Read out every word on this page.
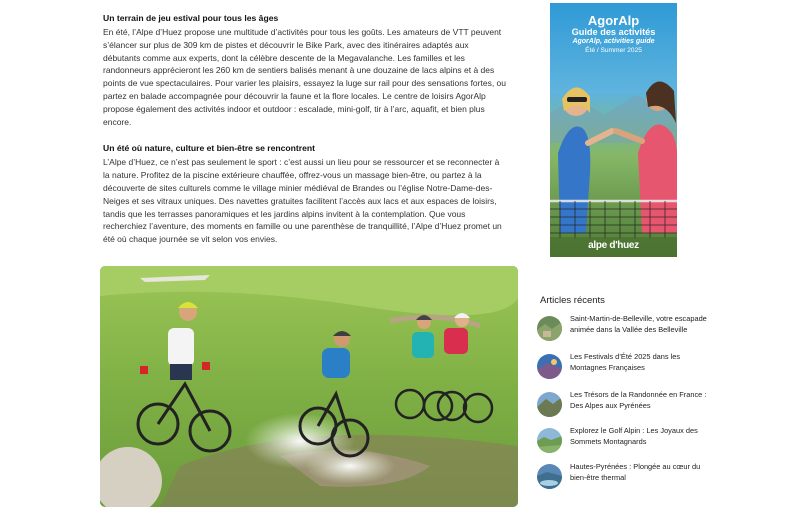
Un terrain de jeu estival pour tous les âges

En été, l’Alpe d’Huez propose une multitude d’activités pour tous les goûts. Les amateurs de VTT peuvent s’élancer sur plus de 309 km de pistes et découvrir le Bike Park, avec des itinéraires adaptés aux débutants comme aux experts, dont la célèbre descente de la Megavalanche. Les familles et les randonneurs apprécieront les 260 km de sentiers balisés menant à une douzaine de lacs alpins et à des points de vue spectaculaires. Pour varier les plaisirs, essayez la luge sur rail pour des sensations fortes, ou partez en balade accompagnée pour découvrir la faune et la flore locales. Le centre de loisirs AgorAlp propose également des activités indoor et outdoor : escalade, mini-golf, tir à l’arc, aquafit, et bien plus encore.

Un été où nature, culture et bien-être se rencontrent

L’Alpe d’Huez, ce n’est pas seulement le sport : c’est aussi un lieu pour se ressourcer et se reconnecter à la nature. Profitez de la piscine extérieure chauffée, offrez-vous un massage bien-être, ou partez à la découverte de sites culturels comme le village minier médiéval de Brandes ou l’église Notre-Dame-des-Neiges et ses vitraux uniques. Des navettes gratuites facilitent l’accès aux lacs et aux espaces de loisirs, tandis que les terrasses panoramiques et les jardins alpins invitent à la contemplation. Que vous recherchiez l’aventure, des moments en famille ou une parenthèse de tranquillité, l’Alpe d’Huez promet un été où chaque journée se vit selon vos envies.

AgorAlp
Guide des activités
AgorAlp, activities guide
Été / Summer 2025
alpe d'huez
Articles récents
Saint-Martin-de-Belleville, votre escapade animée dans la Vallée des Belleville
Les Festivals d’Été 2025 dans les Montagnes Françaises
Les Trésors de la Randonnée en France : Des Alpes aux Pyrénées
Explorez le Golf Alpin : Les Joyaux des Sommets Montagnards
Hautes-Pyrénées : Plongée au cœur du bien-être thermal
